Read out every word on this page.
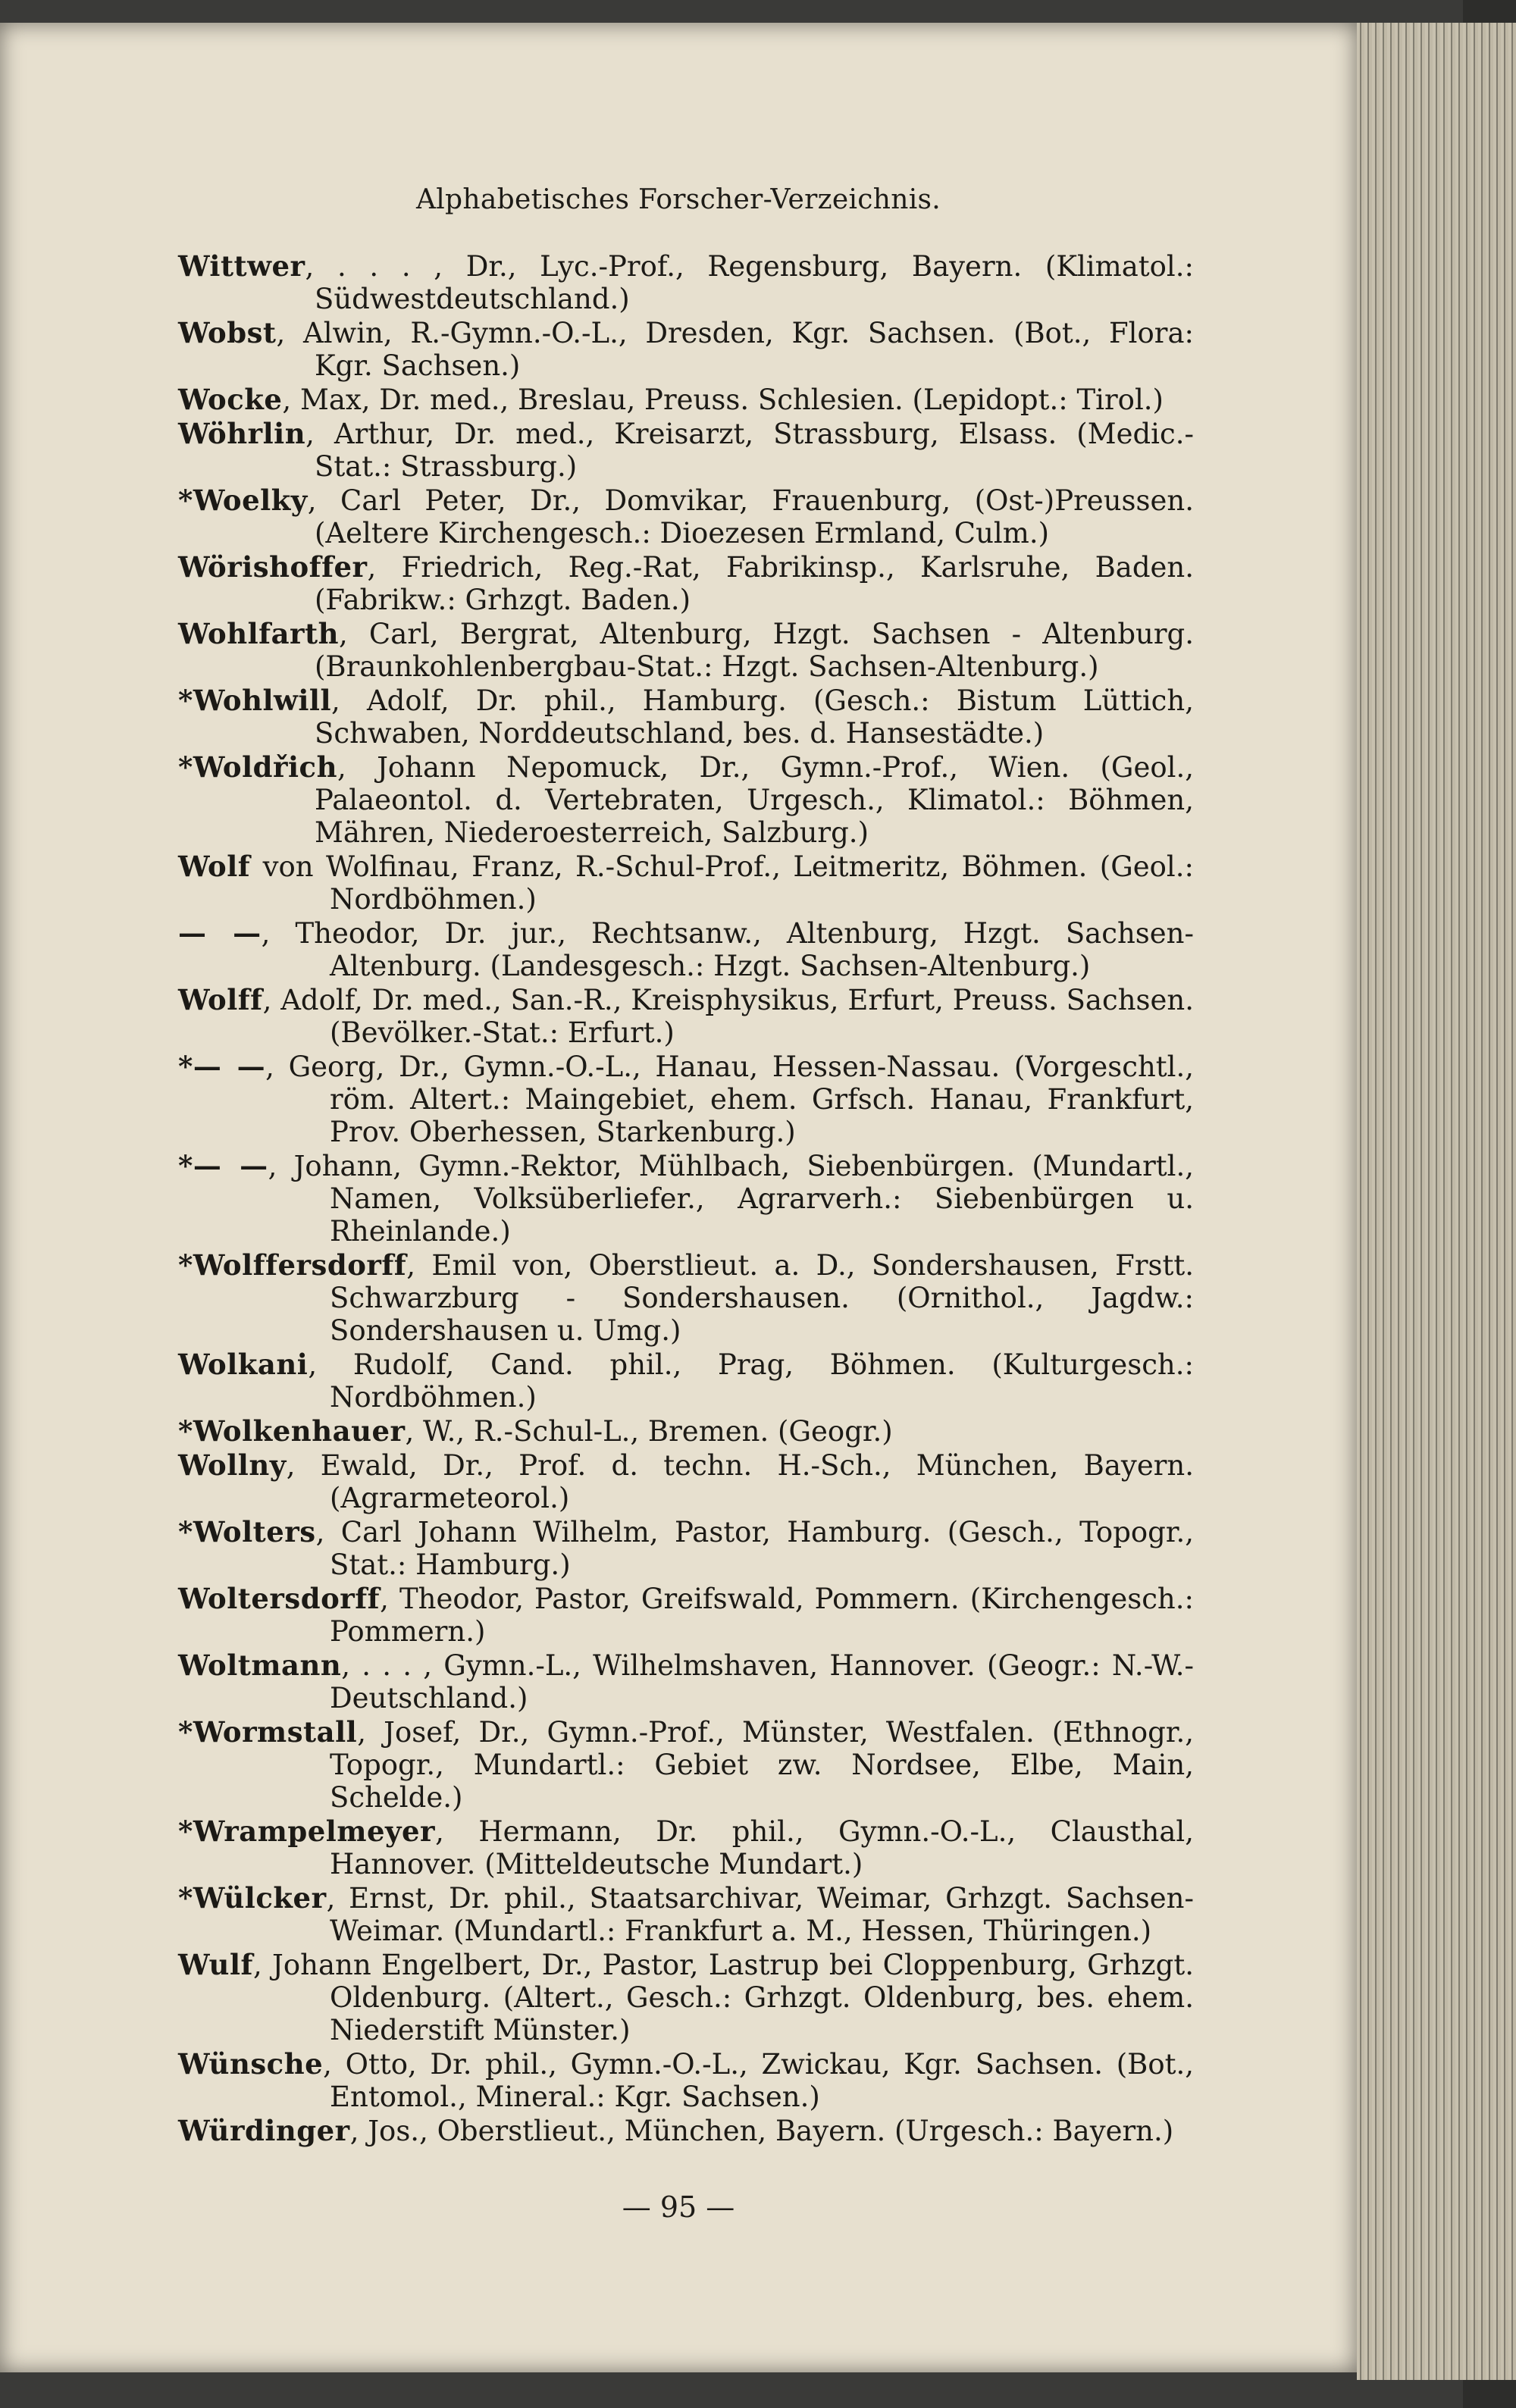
Alphabetisches Forscher-Verzeichnis.
Wittwer, . . . , Dr., Lyc.-Prof., Regensburg, Bayern. (Klimatol.: Südwestdeutschland.)
Wobst, Alwin, R.-Gymn.-O.-L., Dresden, Kgr. Sachsen. (Bot., Flora: Kgr. Sachsen.)
Wocke, Max, Dr. med., Breslau, Preuss. Schlesien. (Lepidopt.: Tirol.)
Wöhrlin, Arthur, Dr. med., Kreisarzt, Strassburg, Elsass. (Medic.-Stat.: Strassburg.)
*Woelky, Carl Peter, Dr., Domvikar, Frauenburg, (Ost-)Preussen. (Aeltere Kirchengesch.: Dioezesen Ermland, Culm.)
Wörishoffer, Friedrich, Reg.-Rat, Fabrikinsp., Karlsruhe, Baden. (Fabrikw.: Grhzgt. Baden.)
Wohlfarth, Carl, Bergrat, Altenburg, Hzgt. Sachsen - Altenburg. (Braunkohlenbergbau-Stat.: Hzgt. Sachsen-Altenburg.)
*Wohlwill, Adolf, Dr. phil., Hamburg. (Gesch.: Bistum Lüttich, Schwaben, Norddeutschland, bes. d. Hansestädte.)
*Woldřich, Johann Nepomuck, Dr., Gymn.-Prof., Wien. (Geol., Palaeontol. d. Vertebraten, Urgesch., Klimatol.: Böhmen, Mähren, Niederoesterreich, Salzburg.)
Wolf von Wolfinau, Franz, R.-Schul-Prof., Leitmeritz, Böhmen. (Geol.: Nordböhmen.)
— —, Theodor, Dr. jur., Rechtsanw., Altenburg, Hzgt. Sachsen-Altenburg. (Landesgesch.: Hzgt. Sachsen-Altenburg.)
Wolff, Adolf, Dr. med., San.-R., Kreisphysikus, Erfurt, Preuss. Sachsen. (Bevölker.-Stat.: Erfurt.)
*— —, Georg, Dr., Gymn.-O.-L., Hanau, Hessen-Nassau. (Vorgeschtl., röm. Altert.: Maingebiet, ehem. Grfsch. Hanau, Frankfurt, Prov. Oberhessen, Starkenburg.)
*— —, Johann, Gymn.-Rektor, Mühlbach, Siebenbürgen. (Mundartl., Namen, Volksüberliefer., Agrarverh.: Siebenbürgen u. Rheinlande.)
*Wolffersdorff, Emil von, Oberstlieut. a. D., Sondershausen, Frstt. Schwarzburg - Sondershausen. (Ornithol., Jagdw.: Sondershausen u. Umg.)
Wolkani, Rudolf, Cand. phil., Prag, Böhmen. (Kulturgesch.: Nordböhmen.)
*Wolkenhauer, W., R.-Schul-L., Bremen. (Geogr.)
Wollny, Ewald, Dr., Prof. d. techn. H.-Sch., München, Bayern. (Agrarmeteorol.)
*Wolters, Carl Johann Wilhelm, Pastor, Hamburg. (Gesch., Topogr., Stat.: Hamburg.)
Woltersdorff, Theodor, Pastor, Greifswald, Pommern. (Kirchengesch.: Pommern.)
Woltmann, . . . , Gymn.-L., Wilhelmshaven, Hannover. (Geogr.: N.-W.-Deutschland.)
*Wormstall, Josef, Dr., Gymn.-Prof., Münster, Westfalen. (Ethnogr., Topogr., Mundartl.: Gebiet zw. Nordsee, Elbe, Main, Schelde.)
*Wrampelmeyer, Hermann, Dr. phil., Gymn.-O.-L., Clausthal, Hannover. (Mitteldeutsche Mundart.)
*Wülcker, Ernst, Dr. phil., Staatsarchivar, Weimar, Grhzgt. Sachsen-Weimar. (Mundartl.: Frankfurt a. M., Hessen, Thüringen.)
Wulf, Johann Engelbert, Dr., Pastor, Lastrup bei Cloppenburg, Grhzgt. Oldenburg. (Altert., Gesch.: Grhzgt. Oldenburg, bes. ehem. Niederstift Münster.)
Wünsche, Otto, Dr. phil., Gymn.-O.-L., Zwickau, Kgr. Sachsen. (Bot., Entomol., Mineral.: Kgr. Sachsen.)
Würdinger, Jos., Oberstlieut., München, Bayern. (Urgesch.: Bayern.)
— 95 —
